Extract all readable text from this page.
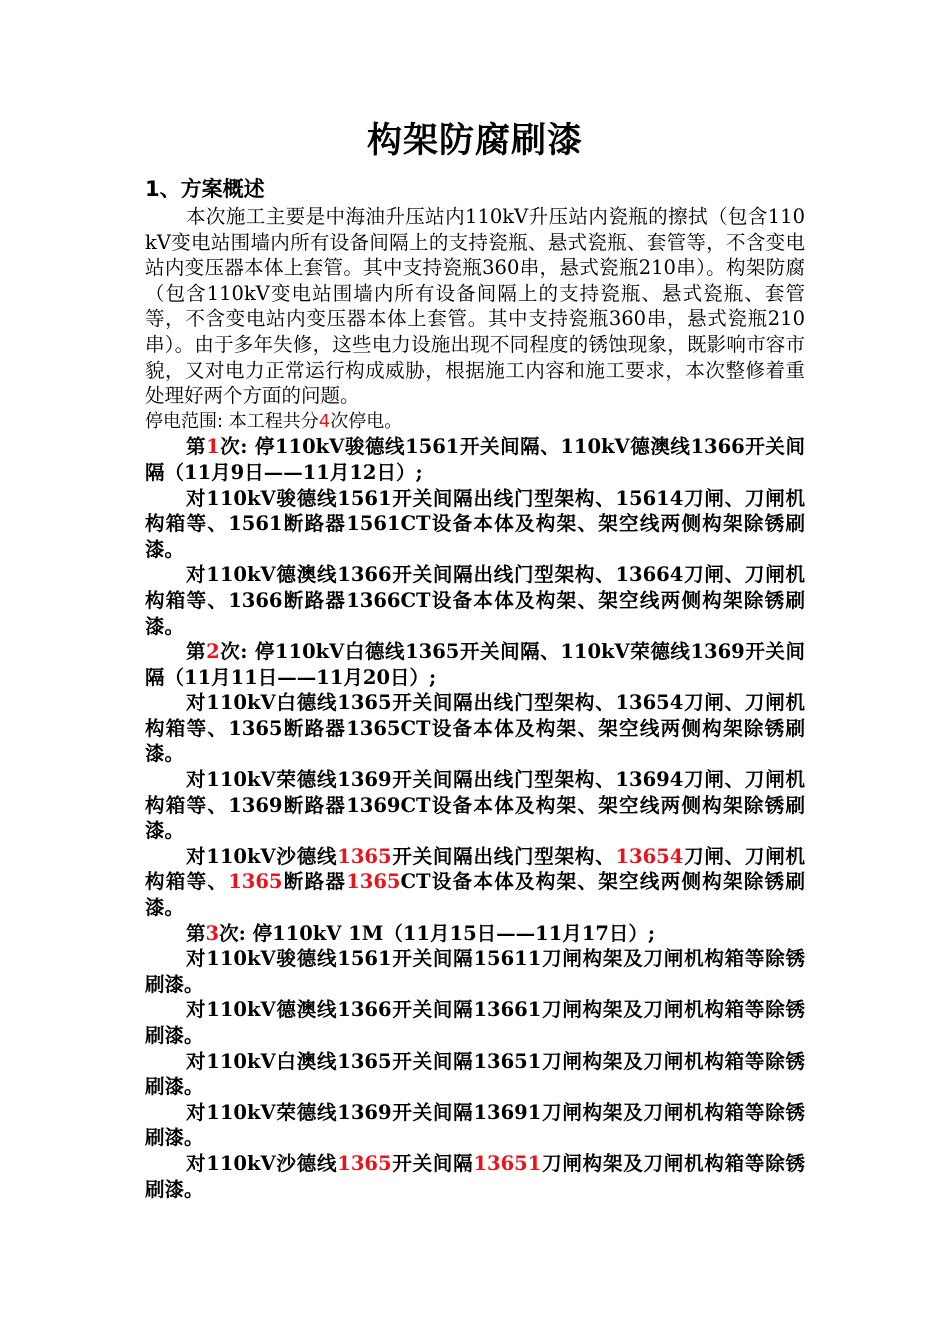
构架防腐刷漆
1、方案概述

本次施工主要是中海油升压站内110kV升压站内瓷瓶的擦拭（包含110kV变电站围墙内所有设备间隔上的支持瓷瓶、悬式瓷瓶、套管等，不含变电站内变压器本体上套管。其中支持瓷瓶360串，悬式瓷瓶210串）。构架防腐（包含110kV变电站围墙内所有设备间隔上的支持瓷瓶、悬式瓷瓶、套管等，不含变电站内变压器本体上套管。其中支持瓷瓶360串，悬式瓷瓶210串）。由于多年失修，这些电力设施出现不同程度的锈蚀现象，既影响市容市貌，又对电力正常运行构成威胁，根据施工内容和施工要求，本次整修着重处理好两个方面的问题。

停电范围: 本工程共分4次停电。

第1次: 停110kV骏德线1561开关间隔、110kV德澳线1366开关间隔（11月9日——11月12日）;

对110kV骏德线1561开关间隔出线门型架构、15614刀闸、刀闸机构箱等、1561断路器1561CT设备本体及构架、架空线两侧构架除锈刷漆。

对110kV德澳线1366开关间隔出线门型架构、13664刀闸、刀闸机构箱等、1366断路器1366CT设备本体及构架、架空线两侧构架除锈刷漆。

第2次: 停110kV白德线1365开关间隔、110kV荣德线1369开关间隔（11月11日——11月20日）;

对110kV白德线1365开关间隔出线门型架构、13654刀闸、刀闸机构箱等、1365断路器1365CT设备本体及构架、架空线两侧构架除锈刷漆。

对110kV荣德线1369开关间隔出线门型架构、13694刀闸、刀闸机构箱等、1369断路器1369CT设备本体及构架、架空线两侧构架除锈刷漆。

对110kV沙德线1365开关间隔出线门型架构、13654刀闸、刀闸机构箱等、1365断路器1365CT设备本体及构架、架空线两侧构架除锈刷漆。

第3次: 停110kV 1M（11月15日——11月17日）;

对110kV骏德线1561开关间隔15611刀闸构架及刀闸机构箱等除锈刷漆。

对110kV德澳线1366开关间隔13661刀闸构架及刀闸机构箱等除锈刷漆。

对110kV白澳线1365开关间隔13651刀闸构架及刀闸机构箱等除锈刷漆。

对110kV荣德线1369开关间隔13691刀闸构架及刀闸机构箱等除锈刷漆。

对110kV沙德线1365开关间隔13651刀闸构架及刀闸机构箱等除锈刷漆。
